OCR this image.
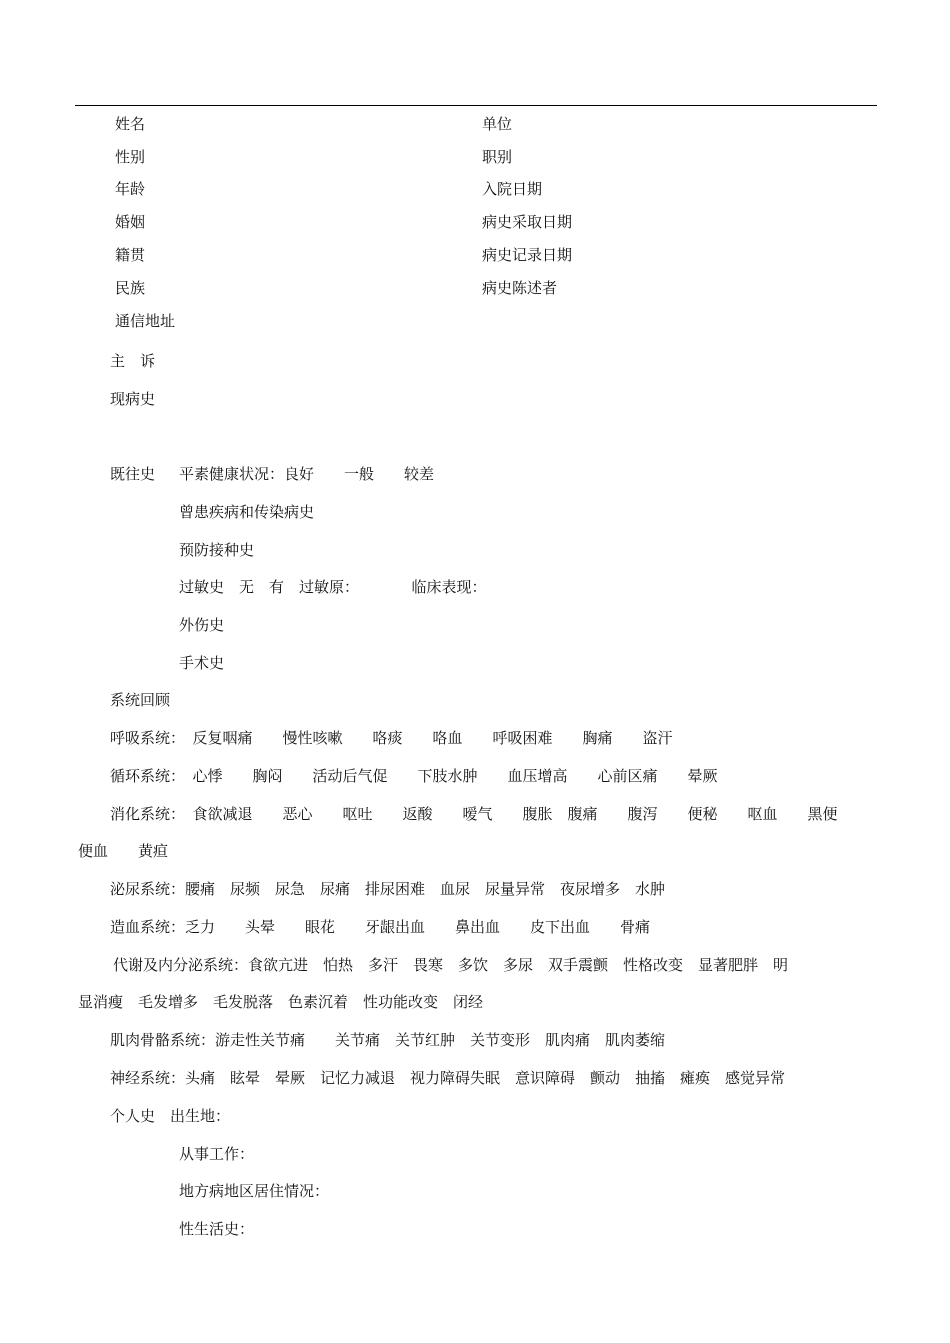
姓名	单位
性别	职别
年龄	入院日期
婚姻	病史采取日期
籍贯	病史记录日期
民族	病史陈述者
通信地址
主　诉
现病史
既往史 平素健康状况：良好　　一般　　较差
曾患疾病和传染病史
预防接种史
过敏史　无　有　过敏原：　　　　临床表现：
外伤史
手术史
系统回顾
呼吸系统：　反复咽痛　　慢性咳嗽　　咯痰　　咯血　　呼吸困难　　胸痛　　盗汗
循环系统：　心悸　　胸闷　　活动后气促　　下肢水肿　　血压增高　　心前区痛　　晕厥
消化系统：　食欲减退　　恶心　　呕吐　　返酸　　嗳气　　腹胀　腹痛　　腹泻　　便秘　　呕血　　黑便
便血　　黄疸
泌尿系统：腰痛　尿频　尿急　尿痛　排尿困难　血尿　尿量异常　夜尿增多　水肿
造血系统：乏力　　头晕　　眼花　　牙龈出血　　鼻出血　　皮下出血　　骨痛
代谢及内分泌系统：食欲亢进　怕热　多汗　畏寒　多饮　多尿　双手震颤　性格改变　显著肥胖　明
显消瘦　毛发增多　毛发脱落　色素沉着　性功能改变　闭经
肌肉骨骼系统：游走性关节痛　　关节痛　关节红肿　关节变形　肌肉痛　肌肉萎缩
神经系统：头痛　眩晕　晕厥　记忆力减退　视力障碍失眠　意识障碍　颤动　抽搐　瘫痪　感觉异常
个人史　出生地：
从事工作：
地方病地区居住情况：
性生活史：
